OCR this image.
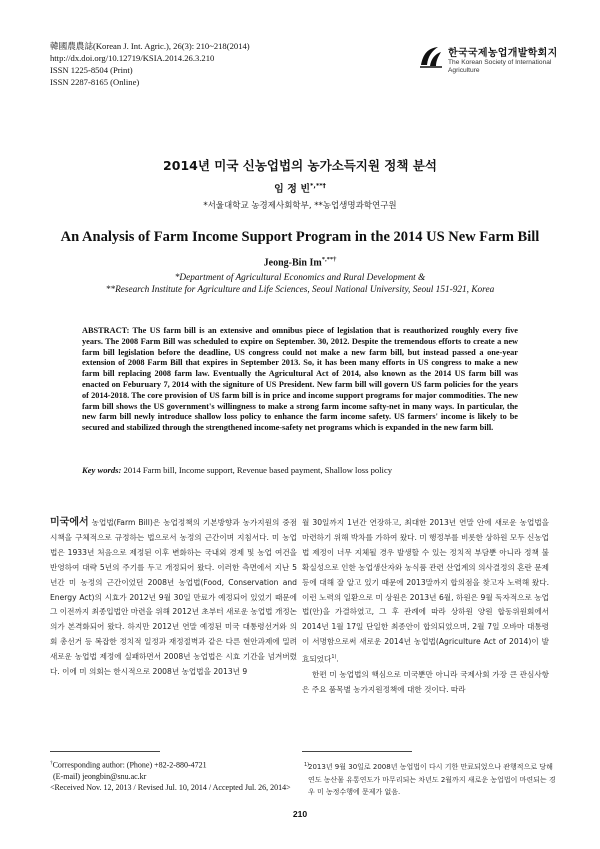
韓國農農誌(Korean J. Int. Agric.), 26(3): 210~218(2014)
http://dx.doi.org/10.12719/KSIA.2014.26.3.210
ISSN 1225-8504 (Print)
ISSN 2287-8165 (Online)
한국국제농업개발학회지
The Korean Society of International
Agriculture
2014년 미국 신농업법의 농가소득지원 정책 분석
임 정 빈*,**†
*서울대학교 농경제사회학부, **농업생명과학연구원
An Analysis of Farm Income Support Program in the 2014 US New Farm Bill
Jeong-Bin Im*,**†
*Department of Agricultural Economics and Rural Development &
**Research Institute for Agriculture and Life Sciences, Seoul National University, Seoul 151-921, Korea
ABSTRACT: The US farm bill is an extensive and omnibus piece of legislation that is reauthorized roughly every five years. The 2008 Farm Bill was scheduled to expire on September. 30, 2012. Despite the tremendous efforts to create a new farm bill legislation before the deadline, US congress could not make a new farm bill, but instead passed a one-year extension of 2008 Farm Bill that expires in September 2013. So, it has been many efforts in US congress to make a new farm bill replacing 2008 farm law. Eventually the Agricultural Act of 2014, also known as the 2014 US farm bill was enacted on Feburuary 7, 2014 with the signiture of US President. New farm bill will govern US farm policies for the years of 2014-2018. The core provision of US farm bill is in price and income support programs for major commodities. The new farm bill shows the US government's willingness to make a strong farm income safty-net in many ways. In particular, the new farm bill newly introduce shallow loss policy to enhance the farm income safety. US farmers' income is likely to be secured and stabilized through the strengthened income-safety net programs which is expanded in the new farm bill.
Key words: 2014 Farm bill, Income support, Revenue based payment, Shallow loss policy

미국에서 농업법(Farm Bill)은 농업정책의 기본방향과 농가지원의 중점시책을 구체적으로 규정하는 법으로서 농정의 근간이며 지침서다. 미 농업법은 1933년 처음으로 제정된 이후 변화하는 국내외 경제 및 농업 여건을 반영하여 대략 5년의 주기를 두고 개정되어 왔다. 이러한 측면에서 지난 5년간 미 농정의 근간이었던 2008년 농업법(Food, Conservation and Energy Act)의 시효가 2012년 9월 30일 만료가 예정되어 있었기 때문에 그 이전까지 최종입법안 마련을 위해 2012년 초부터 새로운 농업법 개정논의가 본격화되어 왔다. 하지만 2012년 연말 예정된 미국 대통령선거와 의회 총선거 등 복잡한 정치적 일정과 재정절벽과 같은 다른 현안과제에 밀려 새로운 농업법 제정에 실패하면서 2008년 농업법은 시효 기간을 넘겨버렸다. 이에 미 의회는 한시적으로 2008년 농업법을 2013년 9

월 30일까지 1년간 연장하고, 최대한 2013년 연말 안에 새로운 농업법을 마련하기 위해 박차를 가하여 왔다. 미 행정부를 비롯한 상하원 모두 신농업법 제정이 너무 지체될 경우 발생할 수 있는 정치적 부담뿐 아니라 정책 불확실성으로 인한 농업생산자와 농식품 관련 산업계의 의사결정의 혼란 문제 등에 대해 잘 알고 있기 때문에 2013말까지 합의점을 찾고자 노력해 왔다. 이런 노력의 일환으로 미 상원은 2013년 6월, 하원은 9월 독자적으로 농업법(안)을 가결하였고, 그 후 관례에 따라 상하원 양원 합동위원회에서 2014년 1월 17일 단일한 최종안이 합의되었으며, 2월 7일 오바마 대통령이 서명함으로써 새로운 2014년 농업법(Agriculture Act of 2014)이 발효되었다$^{1)}$.

한편 미 농업법의 핵심으로 미국뿐만 아니라 국제사회 가장 큰 관심사항은 주요 품목별 농가지원정책에 대한 것이다. 따라

†Corresponding author: (Phone) +82-2-880-4721
(E-mail) jeongbin@snu.ac.kr
<Received Nov. 12, 2013 / Revised Jul. 10, 2014 / Accepted Jul. 26, 2014>
1)
2013년 9월 30일로 2008년 농업법이 다시 기한 만료되었으나 관행적으로 당해연도 농산물 유통연도가 마무리되는 차년도 2월까지 새로운 농업법이 마련되는 경우 미 농정수행에 문제가 없음.
210
